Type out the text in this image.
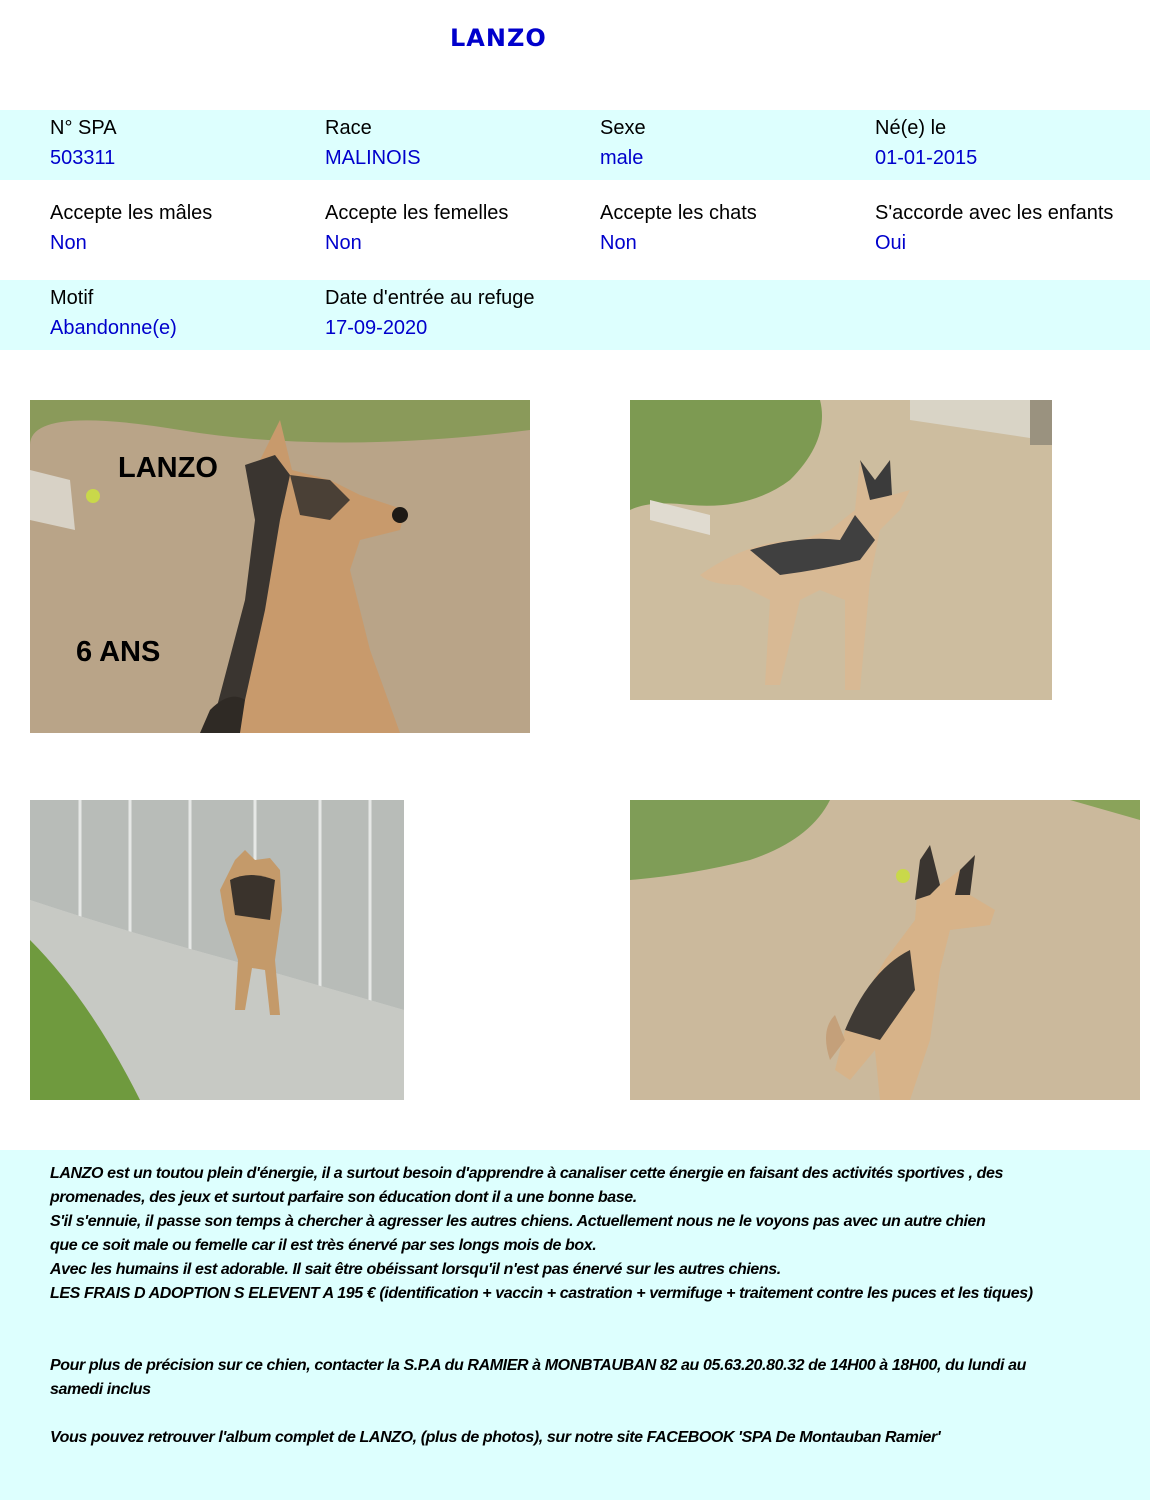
LANZO
N° SPA
503311
Race
MALINOIS
Sexe
male
Né(e) le
01-01-2015
Accepte les mâles
Non
Accepte les femelles
Non
Accepte les chats
Non
S'accorde avec les enfants
Oui
Motif
Abandonne(e)
Date d'entrée au refuge
17-09-2020
LANZO
6 ANS

LANZO est un toutou plein d'énergie, il a surtout besoin d'apprendre à canaliser cette énergie en faisant des activités sportives , des

promenades, des jeux et surtout parfaire son éducation dont il a une bonne base.

S'il s'ennuie, il passe son temps à chercher à agresser les autres chiens. Actuellement nous ne le voyons pas avec un autre chien

que ce soit male ou femelle car il est très énervé par ses longs mois de box.

Avec les humains il est adorable. Il sait être obéissant lorsqu'il n'est pas énervé sur les autres chiens.

LES FRAIS D ADOPTION S ELEVENT A 195 € (identification + vaccin + castration + vermifuge + traitement contre les puces et les tiques)

Pour plus de précision sur ce chien, contacter la S.P.A du RAMIER à MONBTAUBAN 82 au 05.63.20.80.32 de 14H00 à 18H00, du lundi au

samedi inclus

Vous pouvez retrouver l'album complet de LANZO, (plus de photos), sur notre site FACEBOOK 'SPA De Montauban Ramier'
